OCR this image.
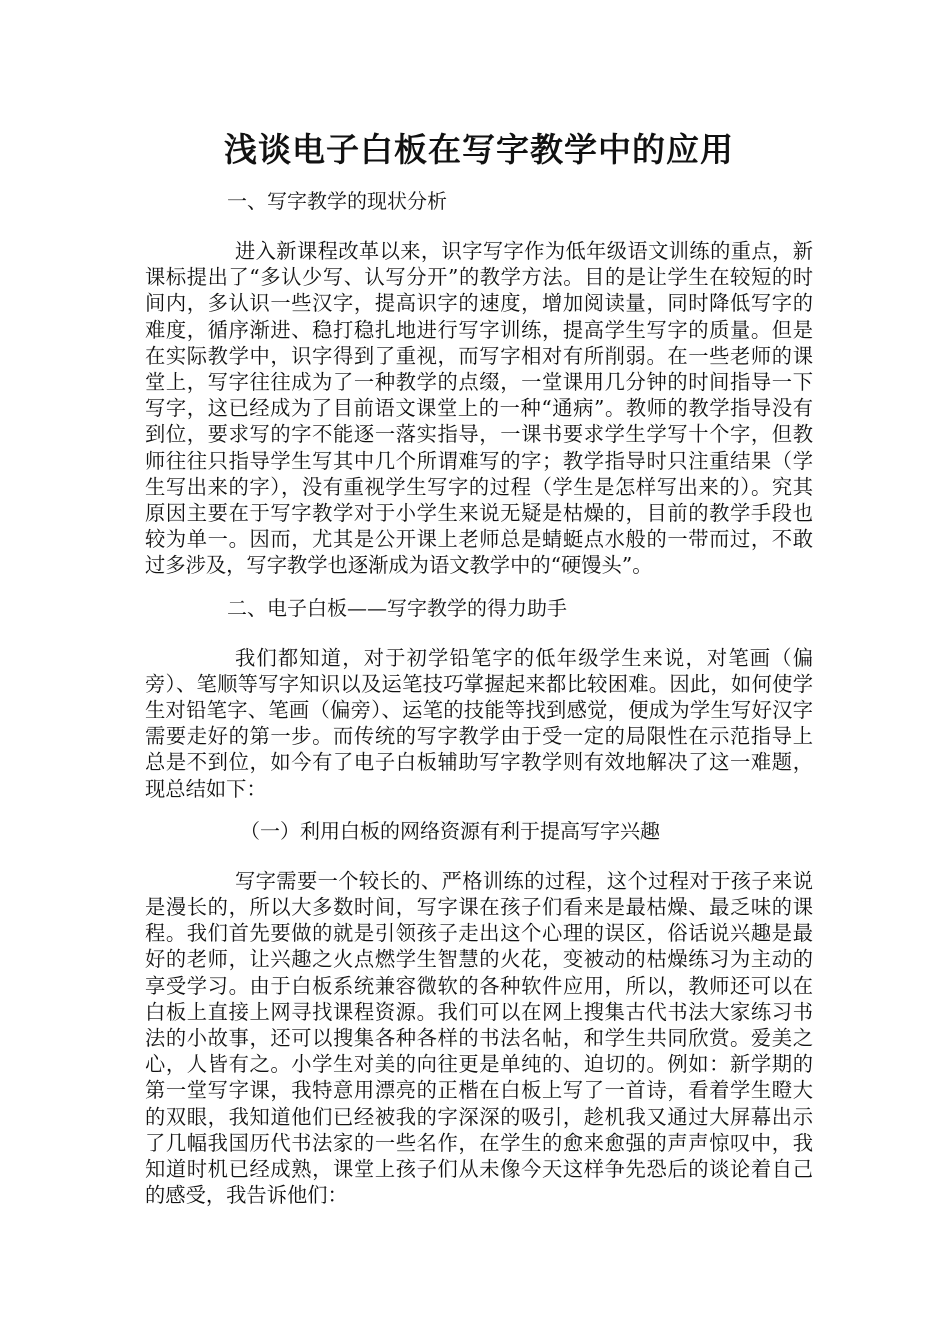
浅谈电子白板在写字教学中的应用
一、写字教学的现状分析

进入新课程改革以来，识字写字作为低年级语文训练的重点，新课标提出了“多认少写、认写分开”的教学方法。目的是让学生在较短的时间内，多认识一些汉字，提高识字的速度，增加阅读量，同时降低写字的难度，循序渐进、稳打稳扎地进行写字训练，提高学生写字的质量。但是在实际教学中，识字得到了重视，而写字相对有所削弱。在一些老师的课堂上，写字往往成为了一种教学的点缀，一堂课用几分钟的时间指导一下写字，这已经成为了目前语文课堂上的一种“通病”。教师的教学指导没有到位，要求写的字不能逐一落实指导，一课书要求学生学写十个字，但教师往往只指导学生写其中几个所谓难写的字；教学指导时只注重结果（学生写出来的字），没有重视学生写字的过程（学生是怎样写出来的）。究其原因主要在于写字教学对于小学生来说无疑是枯燥的，目前的教学手段也较为单一。因而，尤其是公开课上老师总是蜻蜓点水般的一带而过，不敢过多涉及，写字教学也逐渐成为语文教学中的“硬馒头”。

二、电子白板——写字教学的得力助手

我们都知道，对于初学铅笔字的低年级学生来说，对笔画（偏旁）、笔顺等写字知识以及运笔技巧掌握起来都比较困难。因此，如何使学生对铅笔字、笔画（偏旁）、运笔的技能等找到感觉，便成为学生写好汉字需要走好的第一步。而传统的写字教学由于受一定的局限性在示范指导上总是不到位，如今有了电子白板辅助写字教学则有效地解决了这一难题，现总结如下：

（一）利用白板的网络资源有利于提高写字兴趣

写字需要一个较长的、严格训练的过程，这个过程对于孩子来说是漫长的，所以大多数时间，写字课在孩子们看来是最枯燥、最乏味的课程。我们首先要做的就是引领孩子走出这个心理的误区，俗话说兴趣是最好的老师，让兴趣之火点燃学生智慧的火花，变被动的枯燥练习为主动的享受学习。由于白板系统兼容微软的各种软件应用，所以，教师还可以在白板上直接上网寻找课程资源。我们可以在网上搜集古代书法大家练习书法的小故事，还可以搜集各种各样的书法名帖，和学生共同欣赏。爱美之心，人皆有之。小学生对美的向往更是单纯的、迫切的。例如：新学期的第一堂写字课，我特意用漂亮的正楷在白板上写了一首诗，看着学生瞪大的双眼，我知道他们已经被我的字深深的吸引，趁机我又通过大屏幕出示了几幅我国历代书法家的一些名作，在学生的愈来愈强的声声惊叹中，我知道时机已经成熟，课堂上孩子们从未像今天这样争先恐后的谈论着自己的感受，我告诉他们：
